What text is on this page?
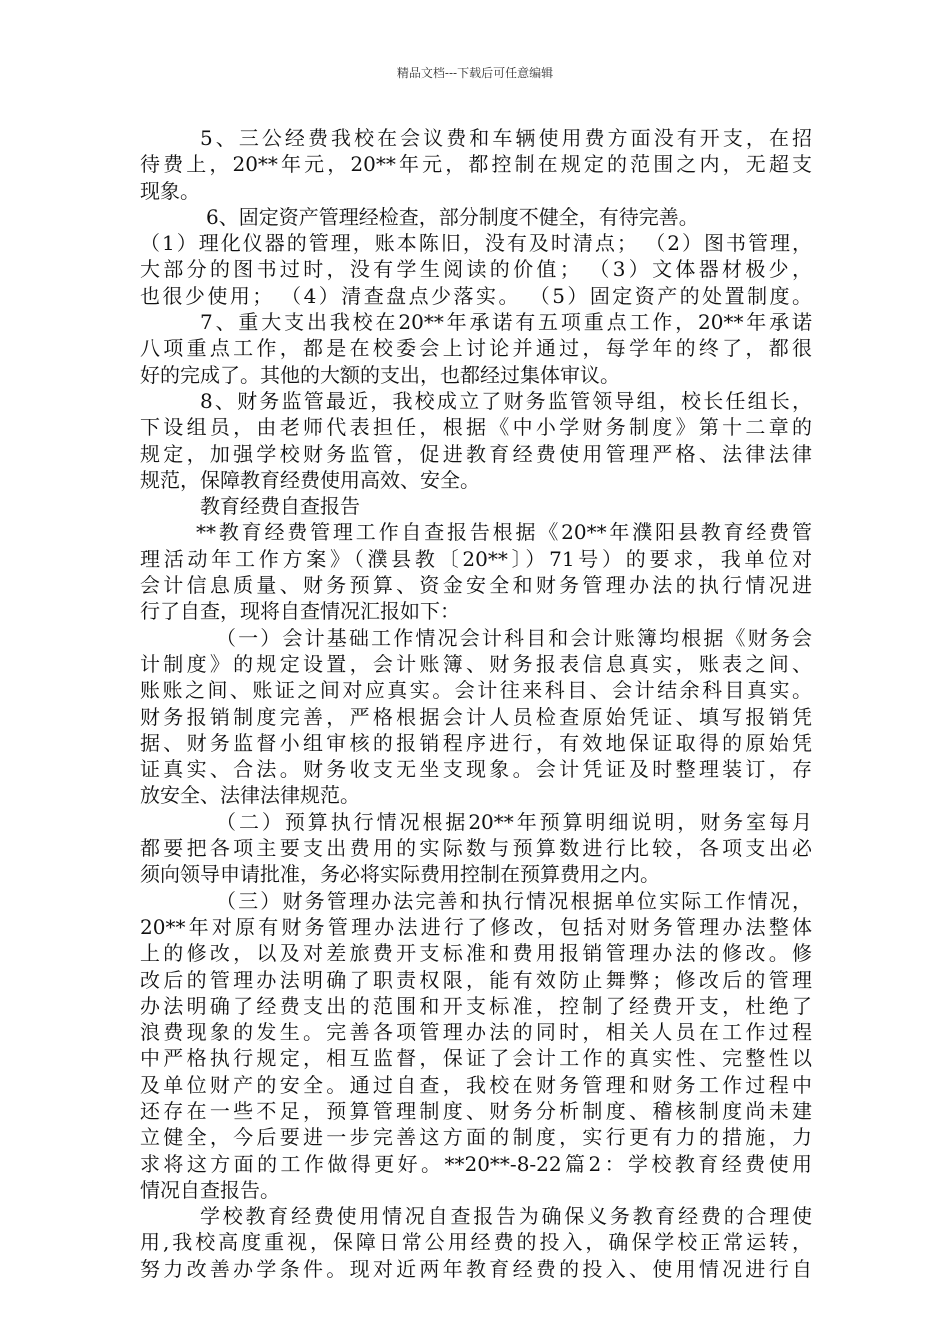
精品文档---下载后可任意编辑
5、三公经费我校在会议费和车辆使用费方面没有开支，在招
待费上，20**年元，20**年元，都控制在规定的范围之内，无超支
现象。
6、固定资产管理经检查，部分制度不健全，有待完善。
（1）理化仪器的管理，账本陈旧，没有及时清点； （2）图书管理，
大部分的图书过时，没有学生阅读的价值； （3）文体器材极少，
也很少使用； （4）清查盘点少落实。 （5）固定资产的处置制度。
7、重大支出我校在20**年承诺有五项重点工作，20**年承诺
八项重点工作，都是在校委会上讨论并通过，每学年的终了，都很
好的完成了。其他的大额的支出，也都经过集体审议。
8、财务监管最近，我校成立了财务监管领导组，校长任组长，
下设组员，由老师代表担任，根据《中小学财务制度》第十二章的
规定，加强学校财务监管，促进教育经费使用管理严格、法律法律
规范，保障教育经费使用高效、安全。
教育经费自查报告
**教育经费管理工作自查报告根据《20**年濮阳县教育经费管
理活动年工作方案》（濮县教〔20**〕）71号）的要求，我单位对
会计信息质量、财务预算、资金安全和财务管理办法的执行情况进
行了自查，现将自查情况汇报如下：
（一）会计基础工作情况会计科目和会计账簿均根据《财务会
计制度》的规定设置，会计账簿、财务报表信息真实，账表之间、
账账之间、账证之间对应真实。会计往来科目、会计结余科目真实。
财务报销制度完善，严格根据会计人员检查原始凭证、填写报销凭
据、财务监督小组审核的报销程序进行，有效地保证取得的原始凭
证真实、合法。财务收支无坐支现象。会计凭证及时整理装订，存
放安全、法律法律规范。
（二）预算执行情况根据20**年预算明细说明，财务室每月
都要把各项主要支出费用的实际数与预算数进行比较，各项支出必
须向领导申请批准，务必将实际费用控制在预算费用之内。
（三）财务管理办法完善和执行情况根据单位实际工作情况，
20**年对原有财务管理办法进行了修改，包括对财务管理办法整体
上的修改，以及对差旅费开支标准和费用报销管理办法的修改。修
改后的管理办法明确了职责权限，能有效防止舞弊；修改后的管理
办法明确了经费支出的范围和开支标准，控制了经费开支，杜绝了
浪费现象的发生。完善各项管理办法的同时，相关人员在工作过程
中严格执行规定，相互监督，保证了会计工作的真实性、完整性以
及单位财产的安全。通过自查，我校在财务管理和财务工作过程中
还存在一些不足，预算管理制度、财务分析制度、稽核制度尚未建
立健全，今后要进一步完善这方面的制度，实行更有力的措施，力
求将这方面的工作做得更好。**20**-8-22篇2：学校教育经费使用
情况自查报告。
学校教育经费使用情况自查报告为确保义务教育经费的合理使
用,我校高度重视，保障日常公用经费的投入，确保学校正常运转，
努力改善办学条件。现对近两年教育经费的投入、使用情况进行自
